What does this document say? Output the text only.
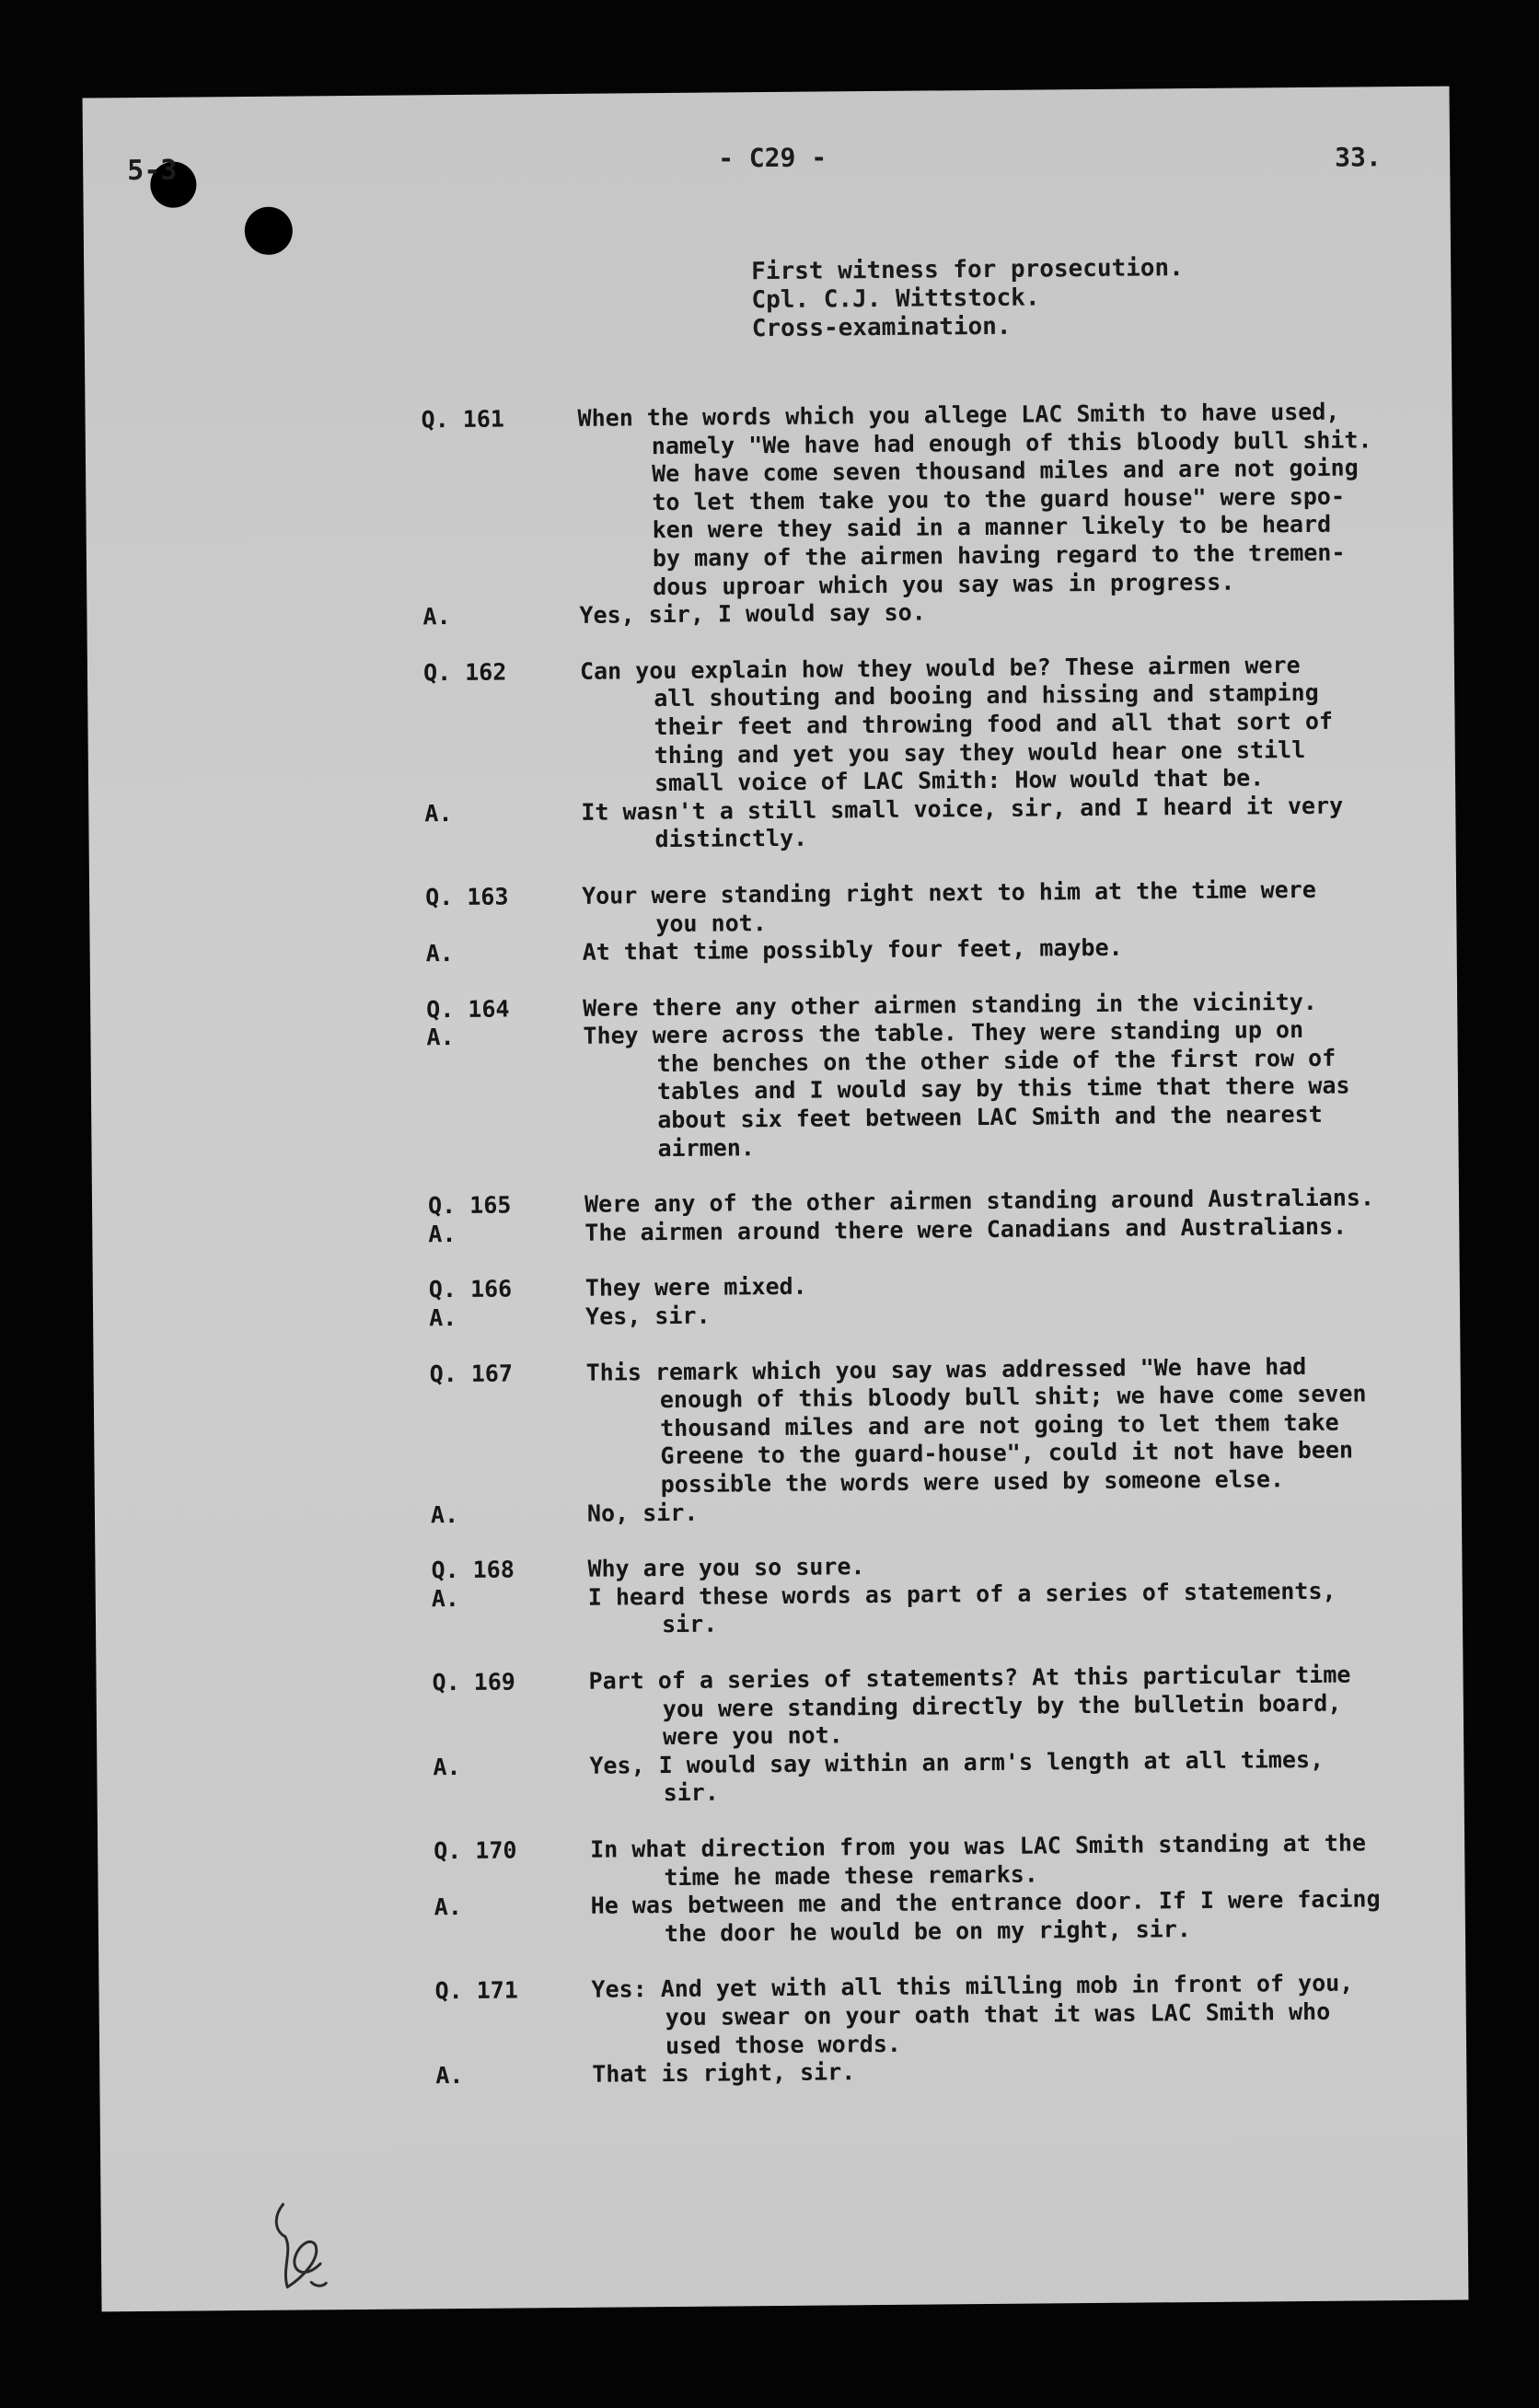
5-3	- C29 -	33.
First witness for prosecution.
Cpl. C.J. Wittstock.
Cross-examination.
Q. 161	When the words which you allege LAC Smith to have used,
namely "We have had enough of this bloody bull shit.
We have come seven thousand miles and are not going
to let them take you to the guard house" were spo-
ken were they said in a manner likely to be heard
by many of the airmen having regard to the tremen-
dous uproar which you say was in progress.
A.	Yes, sir, I would say so.
Q. 162	Can you explain how they would be? These airmen were
all shouting and booing and hissing and stamping
their feet and throwing food and all that sort of
thing and yet you say they would hear one still
small voice of LAC Smith: How would that be.
A.	It wasn't a still small voice, sir, and I heard it very
distinctly.
Q. 163	Your were standing right next to him at the time were
you not.
A.	At that time possibly four feet, maybe.
Q. 164	Were there any other airmen standing in the vicinity.
A.	They were across the table. They were standing up on
the benches on the other side of the first row of
tables and I would say by this time that there was
about six feet between LAC Smith and the nearest
airmen.
Q. 165	Were any of the other airmen standing around Australians.
A.	The airmen around there were Canadians and Australians.
Q. 166	They were mixed.
A.	Yes, sir.
Q. 167	This remark which you say was addressed "We have had
enough of this bloody bull shit; we have come seven
thousand miles and are not going to let them take
Greene to the guard-house", could it not have been
possible the words were used by someone else.
A.	No, sir.
Q. 168	Why are you so sure.
A.	I heard these words as part of a series of statements,
sir.
Q. 169	Part of a series of statements? At this particular time
you were standing directly by the bulletin board,
were you not.
A.	Yes, I would say within an arm's length at all times,
sir.
Q. 170	In what direction from you was LAC Smith standing at the
time he made these remarks.
A.	He was between me and the entrance door. If I were facing
the door he would be on my right, sir.
Q. 171	Yes: And yet with all this milling mob in front of you,
you swear on your oath that it was LAC Smith who
used those words.
A.	That is right, sir.
